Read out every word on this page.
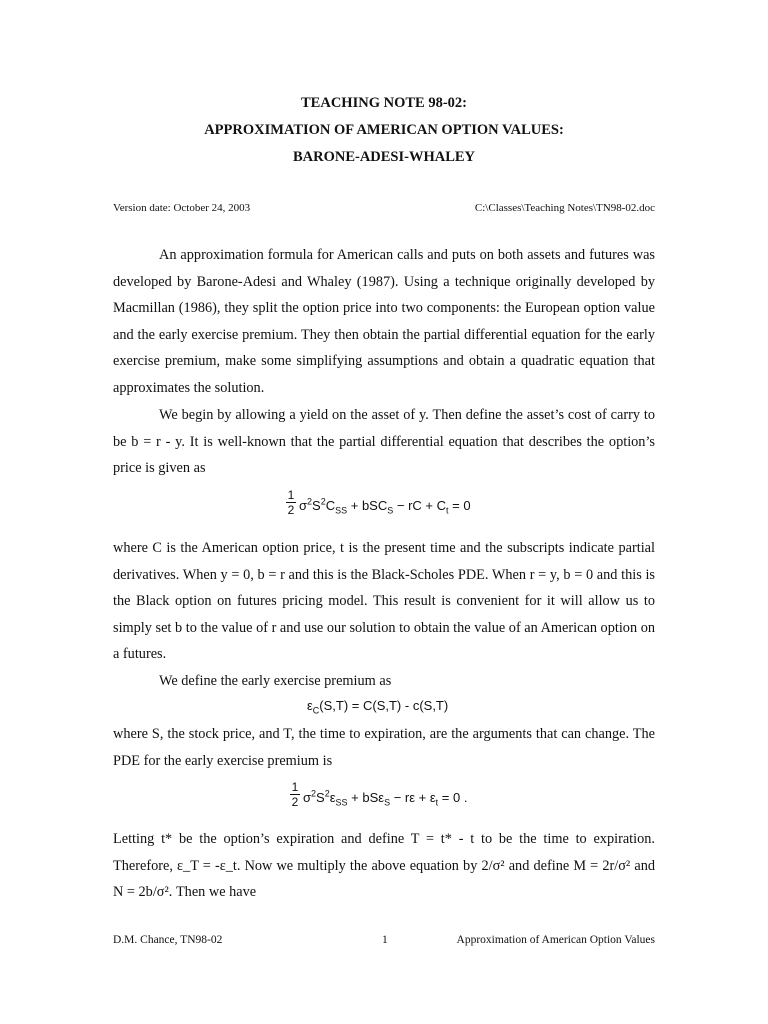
TEACHING NOTE 98-02:
APPROXIMATION OF AMERICAN OPTION VALUES:
BARONE-ADESI-WHALEY
Version date: October 24, 2003	C:\Classes\Teaching Notes\TN98-02.doc

An approximation formula for American calls and puts on both assets and futures was developed by Barone-Adesi and Whaley (1987). Using a technique originally developed by Macmillan (1986), they split the option price into two components: the European option value and the early exercise premium. They then obtain the partial differential equation for the early exercise premium, make some simplifying assumptions and obtain a quadratic equation that approximates the solution.

We begin by allowing a yield on the asset of y. Then define the asset’s cost of carry to be b = r - y. It is well-known that the partial differential equation that describes the option’s price is given as

$\frac{1}{2} \sigma^2S^2C_{SS} + bSC_S$ − rC + $C_t = 0$

where C is the American option price, t is the present time and the subscripts indicate partial derivatives. When y = 0, b = r and this is the Black-Scholes PDE. When r = y, b = 0 and this is the Black option on futures pricing model. This result is convenient for it will allow us to simply set b to the value of r and use our solution to obtain the value of an American option on a futures.

We define the early exercise premium as

$\varepsilon_C(S,T) = C(S,T) - c(S,T)$

where S, the stock price, and T, the time to expiration, are the arguments that can change. The PDE for the early exercise premium is

$\frac{1}{2} \sigma^2S^2\varepsilon_{SS} + bS\varepsilon_S - r\varepsilon + \varepsilon_t = 0$ .

Letting t* be the option’s expiration and define T = t* - t to be the time to expiration. Therefore, ε_T = -ε_t. Now we multiply the above equation by 2/σ² and define M = 2r/σ² and N = 2b/σ². Then we have

D.M. Chance, TN98-02	1	Approximation of American Option Values
